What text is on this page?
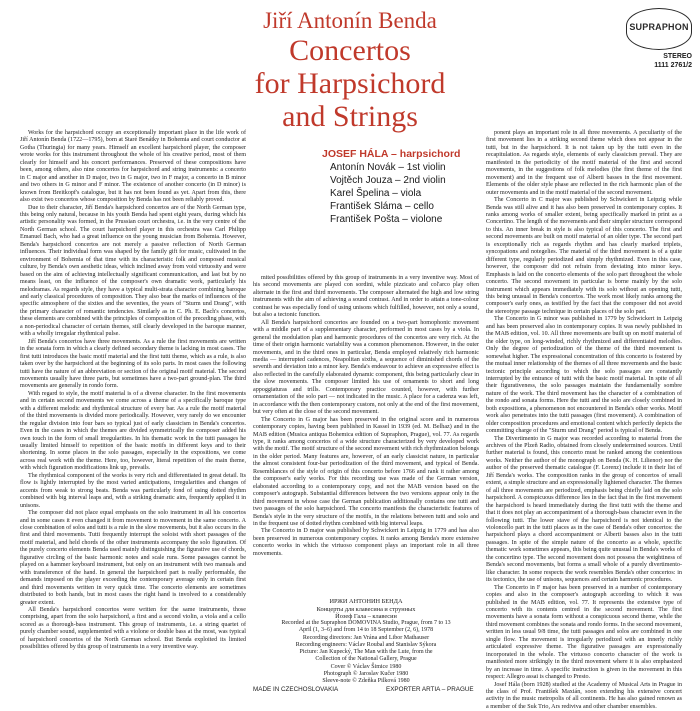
Jiří Antonín Benda
Concertos
for Harpsichord
and Strings
SUPRAPHON
STEREO
1111 2761/2
JOSEF HÁLA – harpsichord
Antonín Novák – 1st violin
Vojtěch Jouza – 2nd violin
Karel Špelina – viola
František Sláma – cello
František Pošta – violone

Works for the harpsichord occupy an exceptionally important place in the life work of Jiří Antonín Benda (1722—1795), born at Staré Benátky in Bohemia and court conductor at Gotha (Thuringia) for many years. Himself an excellent harpsichord player, the composer wrote works for this instrument throughout the whole of his creative period, most of them clearly for himself and his concert performances. Preserved of these compositions have been, among others, also nine concertos for harpsichord and string instruments: a concerto in C major and another in D major, two in G major, two in F major, a concerto in B minor and two others in G minor and F minor. The existence of another concerto (in D minor) is known from Breitkopf's catalogue, but it has not been found as yet. Apart from this, there also exist two concertos whose composition by Benda has not been reliably proved.

Due to their character, Jiří Benda's harpsichord concertos are of the North German type, this being only natural, because in his youth Benda had spent eight years, during which his artistic personality was formed, in the Prussian court orchestra, i.e. in the very centre of the North German school. The court harpsichord player in this orchestra was Carl Philipp Emanuel Bach, who had a great influence on the young musician from Bohemia. However, Benda's harpsichord concertos are not merely a passive reflection of North German influences. Their individual form was shaped by the family gift for music, cultivated in the environment of Bohemia of that time with its characteristic folk and composed musical culture, by Benda's own aesthetic ideas, which inclined away from void virtuosity and were based on the aim of achieving intellectually significant communication, and last but by no means least, on the influence of the composer's own dramatic work, particularly his melodramas. As regards style, they have a typical multi-strata character combining baroque and early classical procedures of composition. They also bear the marks of influences of the specific atmosphere of the sixties and the seventies, the years of "Sturm und Drang", with the primary character of romantic tendencies. Similarly as in C. Ph. E. Bach's concertos, these elements are combined with the principles of composition of the preceding phase, with a non-periodical character of certain themes, still clearly developed in the baroque manner, with a wholly irregular rhythmical pulse.

Jiří Benda's concertos have three movements. As a rule the first movements are written in the sonata form in which a clearly defined secondary theme is lacking in most cases. The first tutti introduces the basic motif material and the first tutti theme, which as a rule, is also taken over by the harpsichord at the beginning of its solo parts. In most cases the following tutti have the nature of an abbreviation or section of the original motif material. The second movements usually have three parts, but sometimes have a two-part ground-plan. The third movements are generally in rondo form.

With regard to style, the motif material is of a diverse character. In the first movements and in certain second movements we come across a theme of a specifically baroque type with a different melodic and rhythmical structure of every bar. As a rule the motif material of the third movements is divided more periodically. However, very rarely do we encounter the regular division into four bars so typical just of early classicism in Benda's concertos. Even in the cases in which the themes are divided symmetrically the composer added his own touch in the form of small irregularities. In his thematic work in the tutti passages he usually limited himself to repetition of the basic motifs in different keys and to their shortening. In some places in the solo passages, especially in the expositions, we come across real work with the theme. Here, too, however, literal repetition of the main theme, with which figuration modifications link up, prevails.

The rhythmical component of the works is very rich and differentiated in great detail. Its flow is lightly interrupted by the most varied anticipations, irregularities and changes of accents from weak to strong beats. Benda was particularly fond of using dotted rhythm combined with big interval leaps and, with a striking dramatic aim, frequently applied it in unisons.

The composer did not place equal emphasis on the solo instrument in all his concertos and in some cases it even changed it from movement to movement in the same concerto. A close combination of solos and tutti is a rule in the slow movements, but it also occurs in the first and third movements. Tutti frequently interrupt the soloist with short passages of the motif material, and held chords of the other instruments accompany the solo figuration. Of the purely concerto elements Benda used mainly distinguishing the figurative use of chords, figurative circling of the basic harmonic notes and scale runs. Some passages cannot be played on a hammer keyboard instrument, but only on an instrument with two manuals and with transference of the hand. In general the harpsichord part is really performable, the demands imposed on the player exceeding the contemporary average only in certain first and third movements written in very quick time. The concerto elements are sometimes distributed to both hands, but in most cases the right hand is involved to a considerably greater extent.

All Benda's harpsichord concertos were written for the same instruments, those comprising, apart from the solo harpsichord, a first and a second violin, a viola and a cello scored as a thorough-bass instrument. This group of instruments, i.e. a string quartet of purely chamber sound, supplemented with a violone or double bass at the most, was typical of harpsichord concertos of the North German school. But Benda exploited its limited possibilities offered by this group of instruments in a very inventive way.

mited possibilities offered by this group of instruments in a very inventive way. Most of his second movements are played con sordini, while pizzicato and col'arco play often alternate in the first and third movements. The composer alternated the high and low string instruments with the aim of achieving a sound contrast. And in order to attain a tone-colour contrast he was especially fond of using unisons which fulfilled, however, not only a sound, but also a tectonic function.

All Benda's harpsichord concertos are founded on a two-part homophonic movement with a middle part of a supplementary character, performed in most cases by a viola. In general the modulation plan and harmonic procedures of the concertos are very rich. At the time of their origin harmonic variability was a common phenomenon. However, in the outer movements, and in the third ones in particular, Benda employed relatively rich harmonic media — interrupted cadences, Neapolitan sixths, a sequence of diminished chords of the seventh and deviation into a minor key. Benda's endeavour to achieve an expressive effect is also reflected in the carefully elaborated dynamic component, this being particularly clear in the slow movements. The composer limited his use of ornaments to short and long appoggiaturas and trills. Contemporary practice counted, however, with further ornamentation of the solo part — not indicated in the music. A place for a cadenza was left, in accordance with the then contemporary custom, not only at the end of the first movement, but very often at the close of the second movement.

The Concerto in G major has been preserved in the original score and in numerous contemporary copies, having been published in Kassel in 1939 (ed. M. Belhaz) and in the MAB edition (Musica antiqua Bohemica edition of Supraphon, Prague), vol. 77. As regards type, it ranks among concertos of a wide structure characterized by very developed work with the motif. The motif structure of the second movement with rich rhythmization belongs in the older period. Many features are, however, of an early classicist nature, in particular the almost consistent four-bar periodization of the third movement, and typical of Benda. Resemblances of the style of origin of this concerto before 1766 and rank it rather among the composer's early works. For this recording use was made of the German version, elaborated according to a contemporary copy, and not the MAB version based on the composer's autograph. Substantial differences between the two versions appear only in the third movement in whose case the German publication additionally contains one tutti and two passages of the solo harpsichord. The concerto manifests the characteristic features of Benda's style in the very structure of the motifs, in the relations between tutti and solo and in the frequent use of dotted rhythm combined with big interval leaps.

The Concerto in D major was published by Schwickert in Leipzig in 1779 and has also been preserved in numerous contemporary copies. It ranks among Benda's more extensive concerto works in which the virtuoso component plays an important role in all three movements.

ponent plays an important role in all three movements. A peculiarity of the first movement lies in a striking second theme which does not appear in the tutti, but in the harpsichord. It is not taken up by the tutti even in the recapitulation. As regards style, elements of early classicism prevail. They are manifested in the periodicity of the motif material of the first and second movements, in the suggestions of folk melodies (the first theme of the first movement) and in the frequent use of Alberti basses in the first movement. Elements of the older style phase are reflected in the rich harmonic plan of the outer movements and in the motif material of the second movement.

The Concerto in C major was published by Schwickert in Leipzig while Benda was still alive and it has also been preserved in contemporary copies. It ranks among works of smaller extent, being specifically marked in print as a Concertino. The length of the movements and their simpler structure correspond to this. An inner break in style is also typical of this concerto. The first and second movements are built on motif material of an older type. The second part is exceptionally rich as regards rhythm and has clearly marked triplets, syncopations and notegelies. The material of the third movement is of a quite different type, regularly periodized and simply rhythmized. Even in this case, however, the composer did not refrain from deviating into minor keys. Emphasis is laid on the concerto elements of the solo part throughout the whole concerto. The second movement in particular is borne mainly by the solo instrument which appears immediately with its solo without an opening tutti, this being unusual in Benda's concertos. The work most likely ranks among the composer's early ones, as testified by the fact that the composer did not avoid the stereotype passage technique in certain places of the solo part.

The Concerto in G minor was published in 1779 by Schwickert in Leipzig and has been preserved also in contemporary copies. It was newly published in the MAB edition, vol. 10. All three movements are built up on motif material of the older type, on long-winded, richly rhythmized and differentiated melodies. Only the degree of periodization of the theme of the third movement is somewhat higher. The expressional concentration of this concerto is fostered by the mutual inner relationship of the themes of all three movements and the basic tectonic principle according to which the solo passages are constantly interrupted by the entrance of tutti with the basic motif material. In spite of all their figurativeness, the solo passages maintain the fundamentally sombre nature of the work. The third movement has the character of a combination of the rondo and sonata forms. Here the tutti and the solo are closely combined in both expositions, a phenomenon not encountered in Benda's other works. Motif work also penetrates into the tutti passages (first movement). A combination of older composition procedures and emotional content which perfectly depicts the committing charge of the "Sturm und Drang" period is typical of Benda.

The Divertimento in G major was recorded according to material from the archives of the Plzeň Radio, obtained from closely undetermined sources. Until further material is found, this concerto must be ranked among the contentious works. Neither the author of the monograph on Benda (K. H. Lilienor) nor the author of the preserved thematic catalogue (F. Lorenz) include it in their list of Jiří Benda's works. The composition ranks in the group of concertos of small extent, a simple structure and an expressionally lightened character. The themes of all three movements are periodized, emphasis being chiefly laid on the solo harpsichord. A conspicuous difference lies in the fact that in the first movement the harpsichord is heard immediately during the first tutti with the theme and that it does not play an accompaniment of a thorough-bass character even in the following tutti. The lower stave of the harpsichord is not identical to the violoncello part in the tutti places as in the case of Benda's other concertos: the harpsichord plays a chord accompaniment or Alberti basses also in the tutti passages. In spite of the simple nature of the concerto as a whole, specific thematic work sometimes appears, this being quite unusual in Benda's works of the concertino type. The second movement does not possess the weightiness of Benda's second movements, but forms a small whole of a purely divertimento-like character. In some respects the work resembles Benda's other concertos: in its tectonics, the use of unisons, sequences and certain harmonic procedures.

The Concerto in F major has been preserved in a number of contemporary copies and also in the composer's autograph according to which it was published in the MAB edition, vol. 77. It represents the extensive type of concerto with its contents centred in the second movement. The first movements have a sonata form without a conspicuous second theme, while the third movement combines the sonata and rondo forms. In the second movement, written in less usual 9/8 time, the tutti passages and solos are combined in one single flow. The movement is irregularly periodized with an innerly richly articulated expressive theme. The figurative passages are expressionally incorporated in the whole. The virtuoso concerto character of the work is manifested more strikingly in the third movement where it is also emphasized by an increase in time. A specific instruction is given in the movement in this respect: Allegro assai is changed to Presto.

Josef Hála (born 1928) studied at the Academy of Musical Arts in Prague in the class of Prof. František Maxián, soon extending his extensive concert activity in the music metropolis of all continents. He has also gained renown as a member of the Suk Trio, Ars rediviva and other chamber ensembles.

ИРЖИ АНТОНИН БЕНДА
Концерты для клавесина и струнных
Йозеф Гала – клавесин
Recorded at the Supraphon DOMOVINA Studio, Prague, from 7 to 13
April (1, 3–6) and from 14 to 18 September (2, 6), 1978
Recording directors: Jan Vrána and Libor Mathauser
Recording engineers: Václav Roubal and Stanislav Sýkora
Picture: Jan Kupecký, The Man with the Lute, from the
Collection of the National Gallery, Prague
Cover © Václav Šimice 1980
Photograph © Jaroslav Kučer 1980
Sleeve-note © Zdeňka Pilková 1980
MADE IN CZECHOSLOVAKIA	EXPORTER ARTIA – PRAGUE
